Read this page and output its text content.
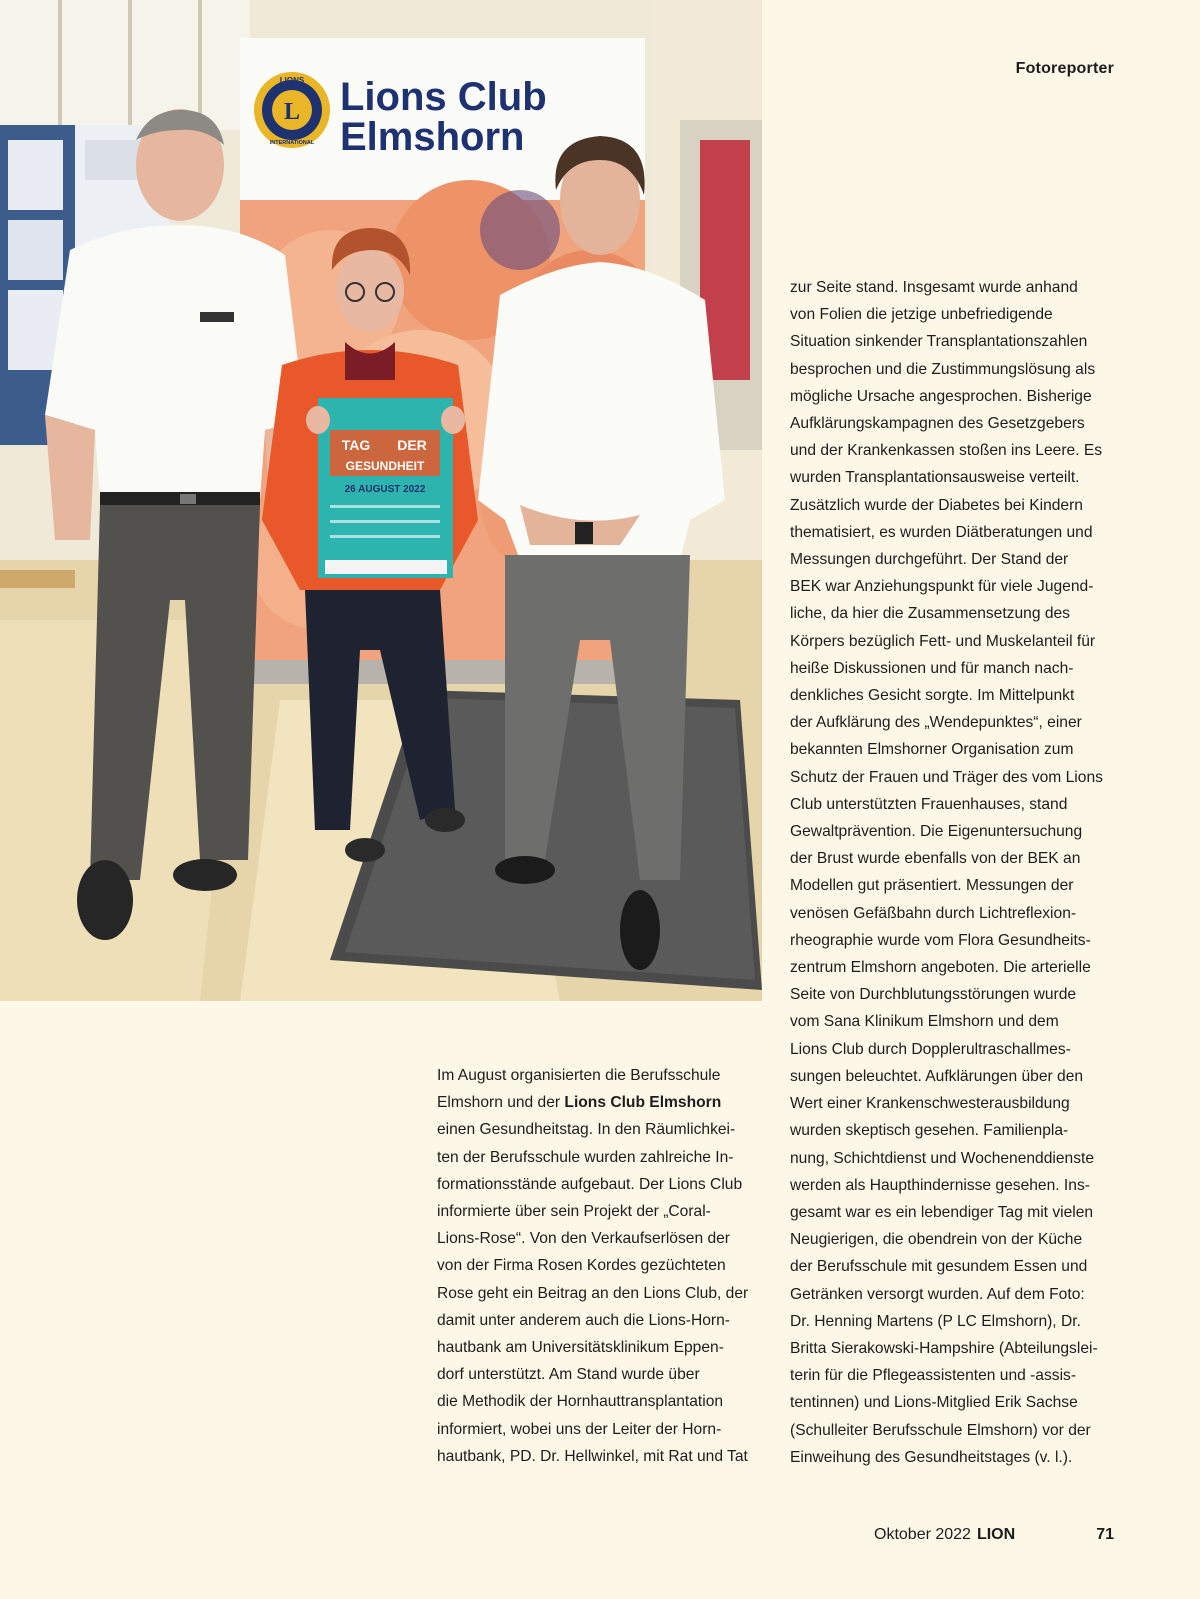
Fotoreporter
L
LIONS
INTERNATIONAL
Lions Club
Elmshorn
TAG DER
GESUNDHEIT
26 AUGUST 2022

Im August organisierten die Berufsschule

Elmshorn und der Lions Club Elmshorn

einen Gesundheitstag. In den Räumlichkei-

ten der Berufsschule wurden zahlreiche In-

formationsstände aufgebaut. Der Lions Club

informierte über sein Projekt der „Coral-

Lions-Rose“. Von den Verkaufserlösen der

von der Firma Rosen Kordes gezüchteten

Rose geht ein Beitrag an den Lions Club, der

damit unter anderem auch die Lions-Horn-

hautbank am Universitätsklinikum Eppen-

dorf unterstützt. Am Stand wurde über

die Methodik der Hornhauttransplantation

informiert, wobei uns der Leiter der Horn-

hautbank, PD. Dr. Hellwinkel, mit Rat und Tat

zur Seite stand. Insgesamt wurde anhand

von Folien die jetzige unbefriedigende

Situation sinkender Transplantationszahlen

besprochen und die Zustimmungslösung als

mögliche Ursache angesprochen. Bisherige

Aufklärungskampagnen des Gesetzgebers

und der Krankenkassen stoßen ins Leere. Es

wurden Transplantationsausweise verteilt.

Zusätzlich wurde der Diabetes bei Kindern

thematisiert, es wurden Diätberatungen und

Messungen durchgeführt. Der Stand der

BEK war Anziehungspunkt für viele Jugend-

liche, da hier die Zusammensetzung des

Körpers bezüglich Fett- und Muskelanteil für

heiße Diskussionen und für manch nach-

denkliches Gesicht sorgte. Im Mittelpunkt

der Aufklärung des „Wendepunktes“, einer

bekannten Elmshorner Organisation zum

Schutz der Frauen und Träger des vom Lions

Club unterstützten Frauenhauses, stand

Gewaltprävention. Die Eigenuntersuchung

der Brust wurde ebenfalls von der BEK an

Modellen gut präsentiert. Messungen der

venösen Gefäßbahn durch Lichtreflexion-

rheographie wurde vom Flora Gesundheits-

zentrum Elmshorn angeboten. Die arterielle

Seite von Durchblutungsstörungen wurde

vom Sana Klinikum Elmshorn und dem

Lions Club durch Dopplerultraschallmes-

sungen beleuchtet. Aufklärungen über den

Wert einer Krankenschwesterausbildung

wurden skeptisch gesehen. Familienpla-

nung, Schichtdienst und Wochenenddienste

werden als Haupthindernisse gesehen. Ins-

gesamt war es ein lebendiger Tag mit vielen

Neugierigen, die obendrein von der Küche

der Berufsschule mit gesundem Essen und

Getränken versorgt wurden. Auf dem Foto:

Dr. Henning Martens (P LC Elmshorn), Dr.

Britta Sierakowski-Hampshire (Abteilungslei-

terin für die Pflegeassistenten und -assis-

tentinnen) und Lions-Mitglied Erik Sachse

(Schulleiter Berufsschule Elmshorn) vor der

Einweihung des Gesundheitstages (v. l.).

Oktober 2022 LION	71
